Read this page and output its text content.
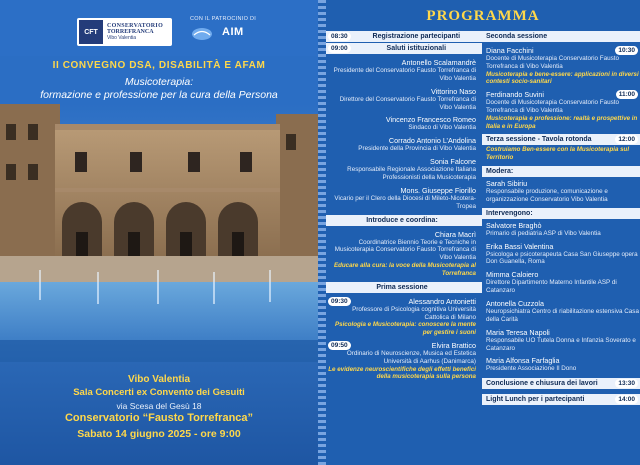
CFT
CONSERVATORIO
TORREFRANCA
Vibo Valentia
CON IL PATROCINIO DI
AIM
II CONVEGNO DSA, DISABILITÀ E AFAM
Musicoterapia:
formazione e professione per la cura della Persona
Vibo Valentia
Sala Concerti ex Convento dei Gesuiti
via Scesa del Gesù 18
Conservatorio “Fausto Torrefranca”
Sabato 14 giugno 2025 - ore 9:00
PROGRAMMA
08:30	Registrazione partecipanti
09:00	Saluti istituzionali
Antonello Scalamandrè
Presidente del Conservatorio Fausto Torrefranca di Vibo Valentia
Vittorino Naso
Direttore del Conservatorio Fausto Torrefranca di Vibo Valentia
Vincenzo Francesco Romeo
Sindaco di Vibo Valentia
Corrado Antonio L’Andolina
Presidente della Provincia di Vibo Valentia
Sonia Falcone
Responsabile Regionale Associazione Italiana Professionisti della Musicoterapia
Mons. Giuseppe Fiorillo
Vicario per il Clero della Diocesi di Mileto-Nicotera-Tropea
Introduce e coordina:
Chiara Macrì
Coordinatrice Biennio Teorie e Tecniche in Musicoterapia Conservatorio Fausto Torrefranca di Vibo Valentia
Educare alla cura: la voce della Musicoterapia al Torrefranca
Prima sessione
09:30	Alessandro Antonietti
Professore di Psicologia cognitiva Università Cattolica di Milano
Psicologia e Musicoterapia: conoscere la mente per gestire i suoni
09:50	Elvira Brattico
Ordinario di Neuroscienze, Musica ed Estetica Università di Aarhus (Danimarca)
Le evidenze neuroscientifiche degli effetti benefici della musicoterapia sulla persona
Seconda sessione
Diana Facchini	10:30
Docente di Musicoterapia Conservatorio Fausto Torrefranca di Vibo Valentia
Musicoterapia e bene-essere: applicazioni in diversi contesti socio-sanitari
Ferdinando Suvini	11:00
Docente di Musicoterapia Conservatorio Fausto Torrefranca di Vibo Valentia
Musicoterapia e professione: realtà e prospettive in Italia e in Europa
Terza sessione - Tavola rotonda	12:00
Costruiamo Ben-essere con la Musicoterapia sul Territorio
Modera:
Sarah Sibiriu
Responsabile produzione, comunicazione e organizzazione Conservatorio Vibo Valentia
Intervengono:
Salvatore Braghò
Primario di pediatria ASP di Vibo Valentia
Erika Bassi Valentina
Psicologa e psicoterapeuta Casa San Giuseppe opera Don Guanella, Roma
Mimma Caloiero
Direttore Dipartimento Materno Infantile ASP di Catanzaro
Antonella Cuzzola
Neuropsichiatra Centro di riabilitazione estensiva Casa della Carità
Maria Teresa Napoli
Responsabile UO Tutela Donna e Infanzia Soverato e Catanzaro
Maria Alfonsa Farfaglia
Presidente Associazione Il Dono
Conclusione e chiusura dei lavori	13:30
Light Lunch per i partecipanti	14:00
